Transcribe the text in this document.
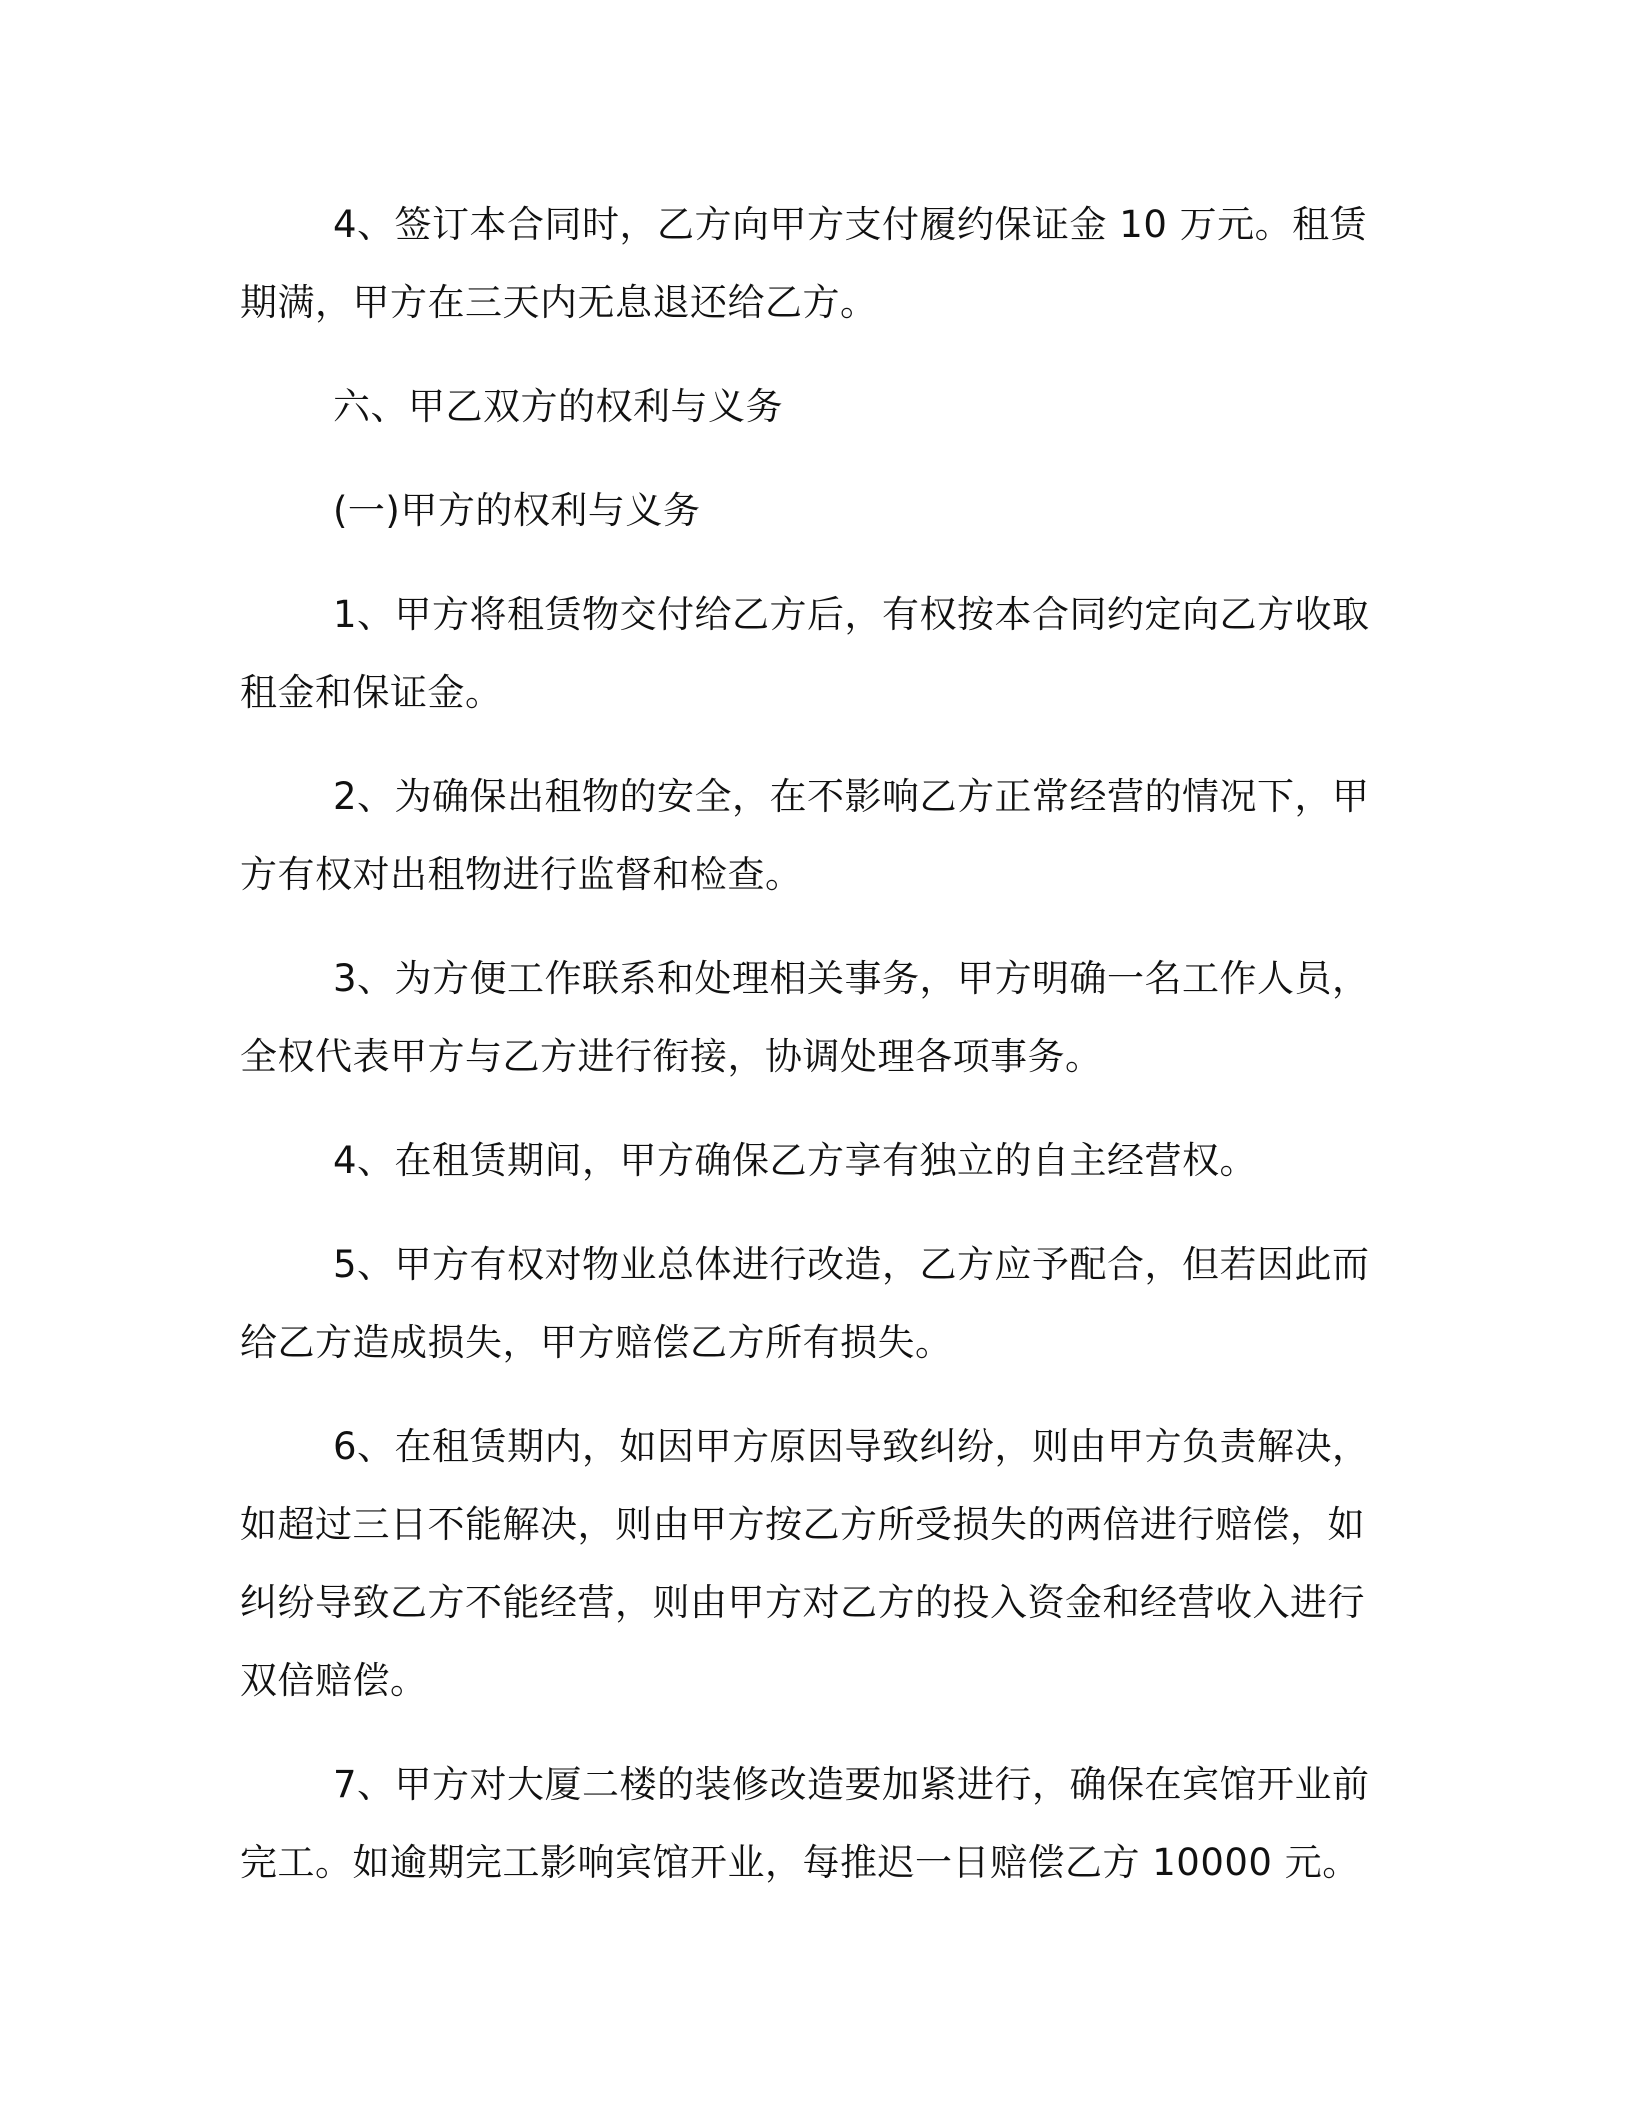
4、签订本合同时，乙方向甲方支付履约保证金 10 万元。租赁期满，甲方在三天内无息退还给乙方。

六、甲乙双方的权利与义务

(一)甲方的权利与义务

1、甲方将租赁物交付给乙方后，有权按本合同约定向乙方收取租金和保证金。

2、为确保出租物的安全，在不影响乙方正常经营的情况下，甲方有权对出租物进行监督和检查。

3、为方便工作联系和处理相关事务，甲方明确一名工作人员，全权代表甲方与乙方进行衔接，协调处理各项事务。

4、在租赁期间，甲方确保乙方享有独立的自主经营权。

5、甲方有权对物业总体进行改造，乙方应予配合，但若因此而给乙方造成损失，甲方赔偿乙方所有损失。

6、在租赁期内，如因甲方原因导致纠纷，则由甲方负责解决，如超过三日不能解决，则由甲方按乙方所受损失的两倍进行赔偿，如纠纷导致乙方不能经营，则由甲方对乙方的投入资金和经营收入进行双倍赔偿。

7、甲方对大厦二楼的装修改造要加紧进行，确保在宾馆开业前完工。如逾期完工影响宾馆开业，每推迟一日赔偿乙方 10000 元。
